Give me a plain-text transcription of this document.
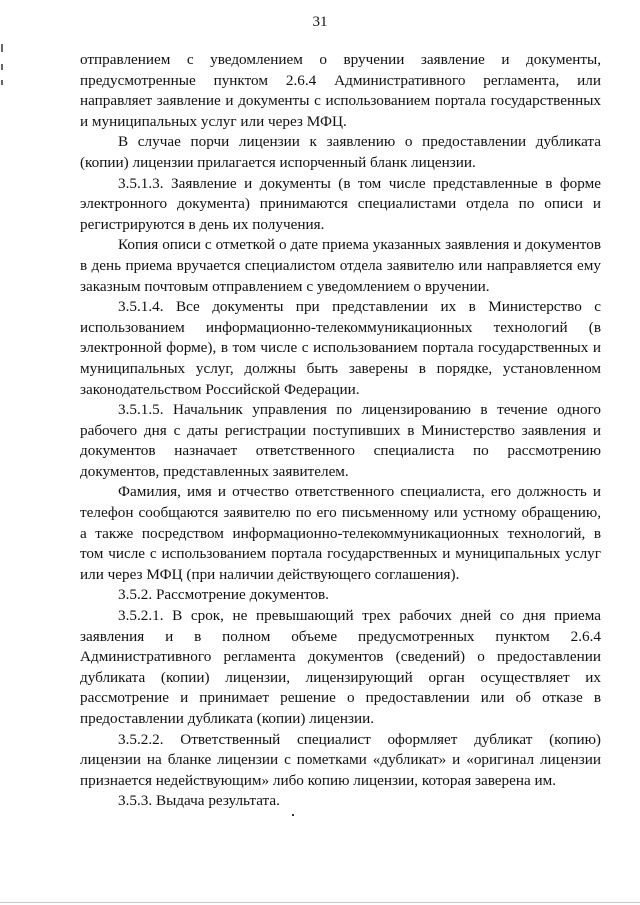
31

отправлением с уведомлением о вручении заявление и документы, предусмотренные пунктом 2.6.4 Административного регламента, или направляет заявление и документы с использованием портала государственных и муниципальных услуг или через МФЦ.

В случае порчи лицензии к заявлению о предоставлении дубликата (копии) лицензии прилагается испорченный бланк лицензии.

3.5.1.3. Заявление и документы (в том числе представленные в форме электронного документа) принимаются специалистами отдела по описи и регистрируются в день их получения.

Копия описи с отметкой о дате приема указанных заявления и документов в день приема вручается специалистом отдела заявителю или направляется ему заказным почтовым отправлением с уведомлением о вручении.

3.5.1.4. Все документы при представлении их в Министерство с использованием информационно-телекоммуникационных технологий (в электронной форме), в том числе с использованием портала государственных и муниципальных услуг, должны быть заверены в порядке, установленном законодательством Российской Федерации.

3.5.1.5. Начальник управления по лицензированию в течение одного рабочего дня с даты регистрации поступивших в Министерство заявления и документов назначает ответственного специалиста по рассмотрению документов, представленных заявителем.

Фамилия, имя и отчество ответственного специалиста, его должность и телефон сообщаются заявителю по его письменному или устному обращению, а также посредством информационно-телекоммуникационных технологий, в том числе с использованием портала государственных и муниципальных услуг или через МФЦ (при наличии действующего соглашения).

3.5.2. Рассмотрение документов.

3.5.2.1. В срок, не превышающий трех рабочих дней со дня приема заявления и в полном объеме предусмотренных пунктом 2.6.4 Административного регламента документов (сведений) о предоставлении дубликата (копии) лицензии, лицензирующий орган осуществляет их рассмотрение и принимает решение о предоставлении или об отказе в предоставлении дубликата (копии) лицензии.

3.5.2.2. Ответственный специалист оформляет дубликат (копию) лицензии на бланке лицензии с пометками «дубликат» и «оригинал лицензии признается недействующим» либо копию лицензии, которая заверена им.

3.5.3. Выдача результата.
